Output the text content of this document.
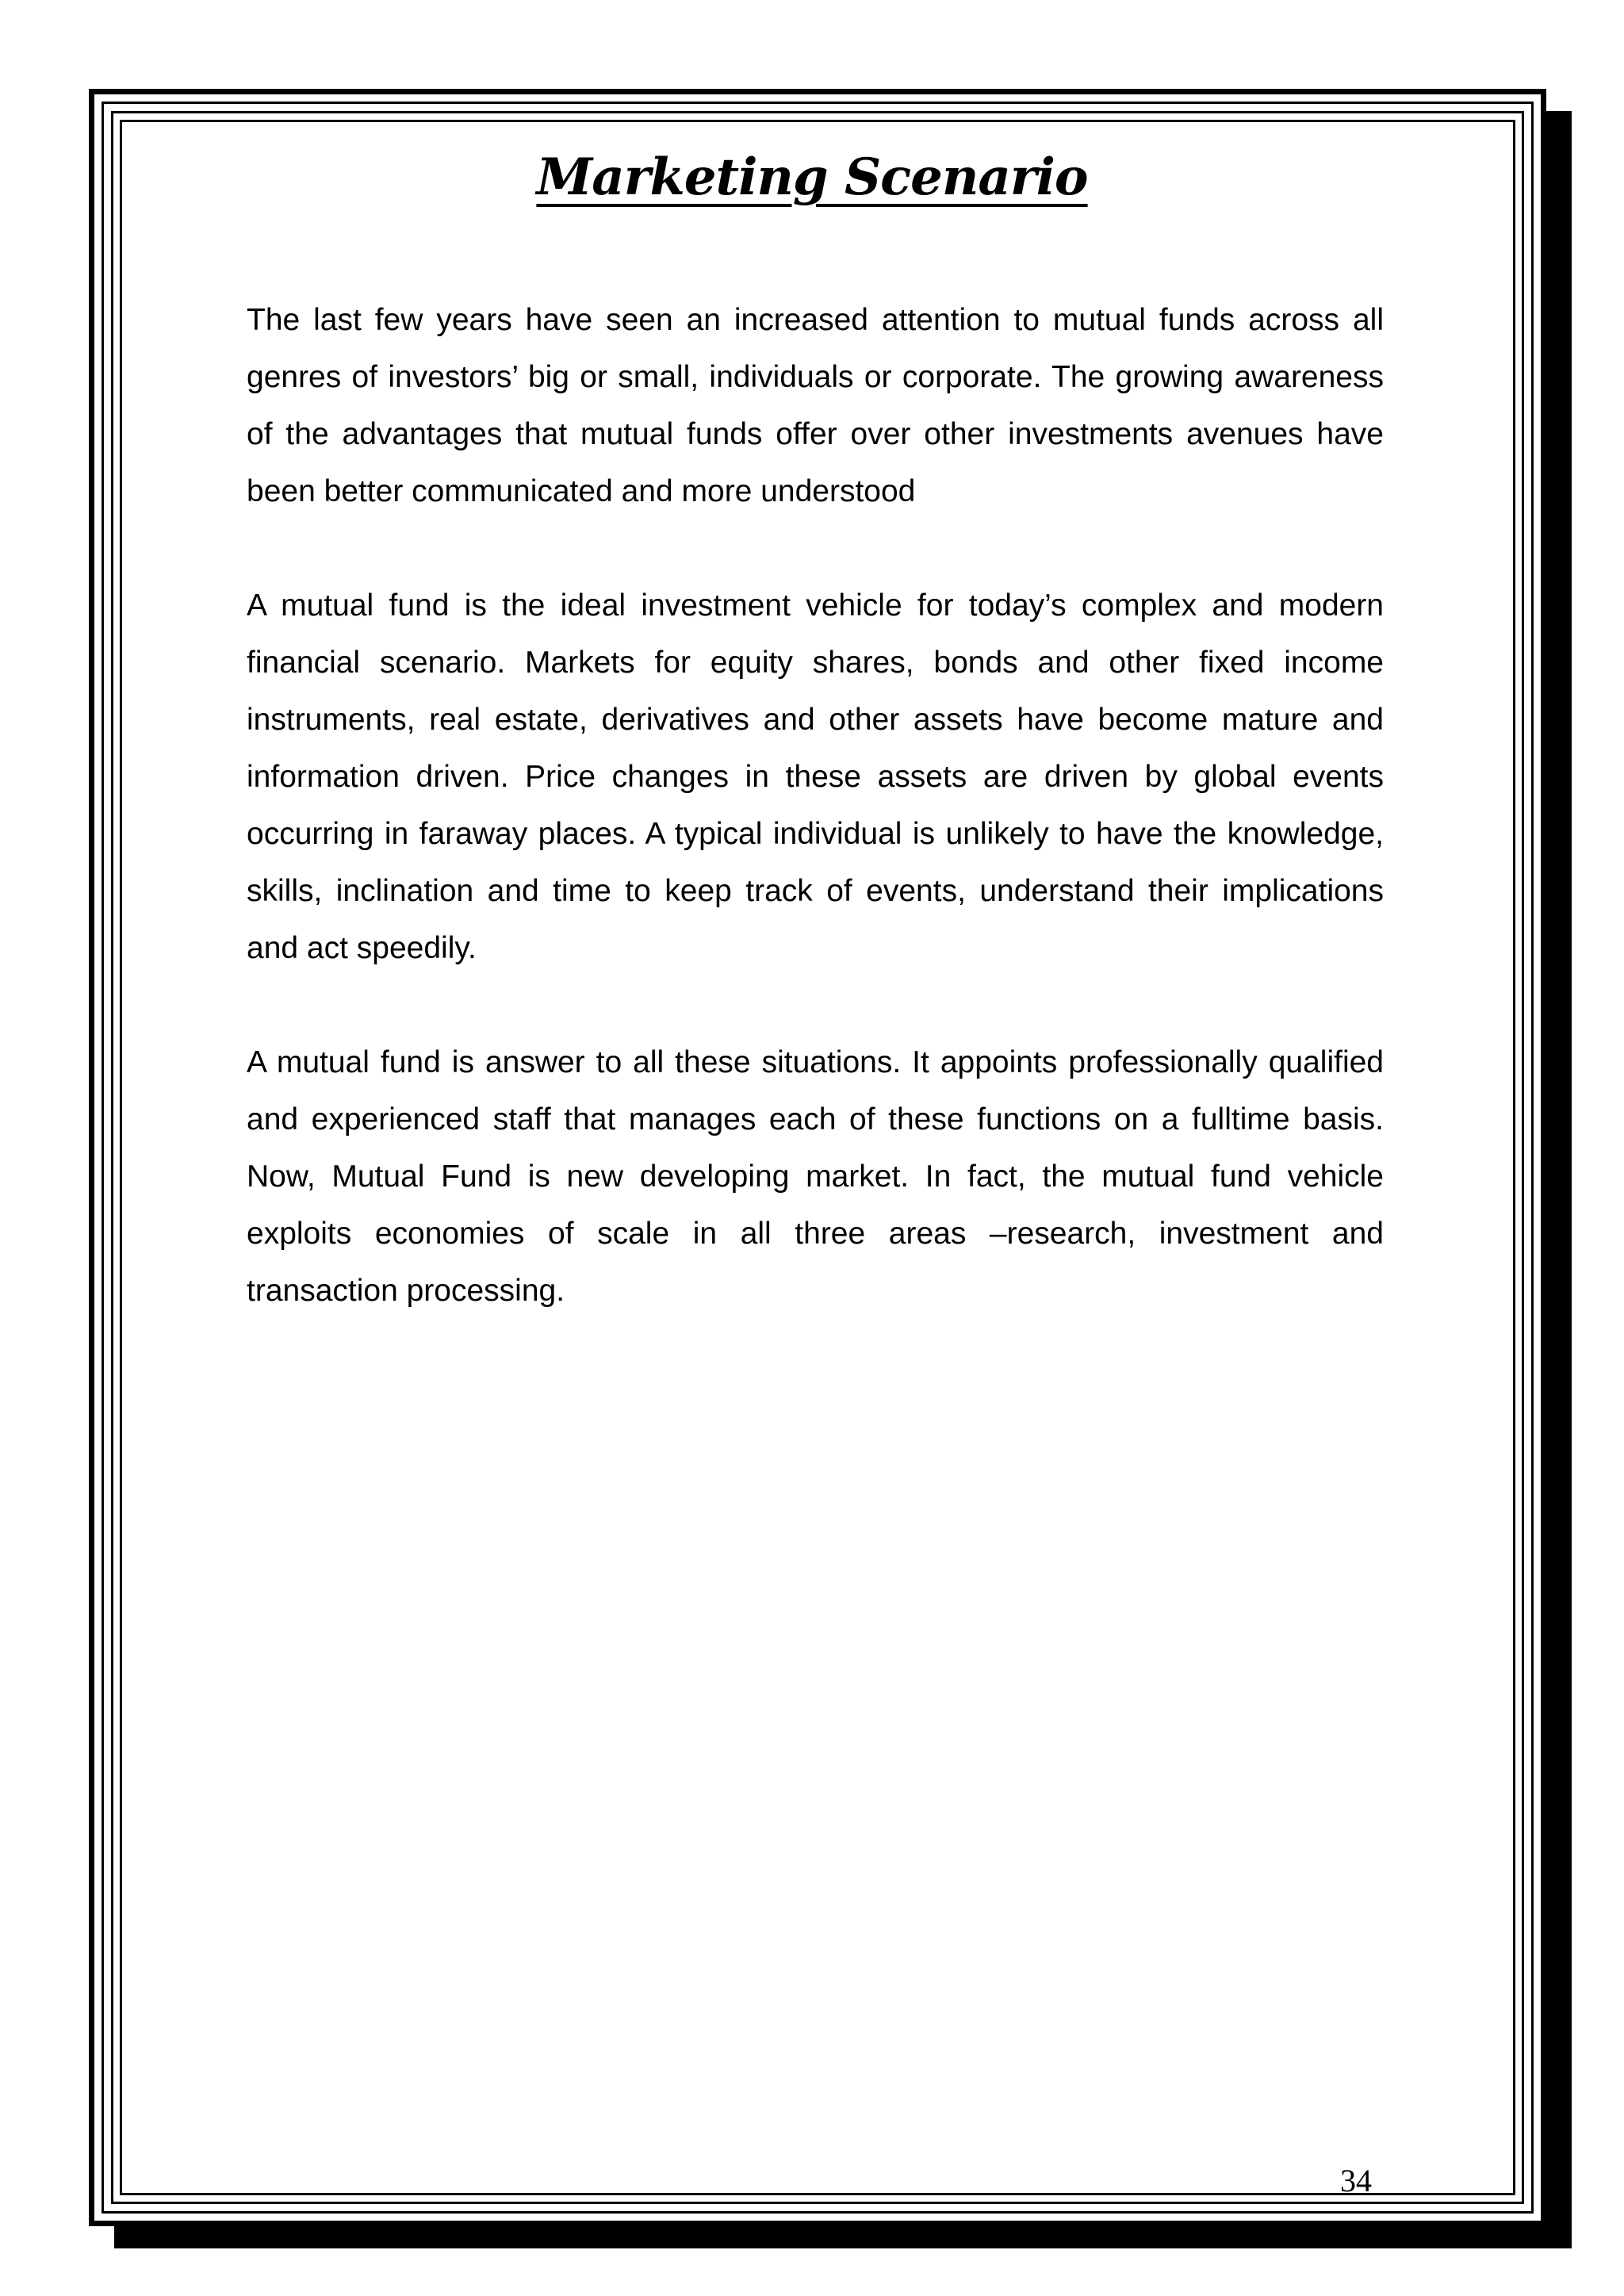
Marketing Scenario

The last few years have seen an increased attention to mutual funds across all genres of investors’ big or small, individuals or corporate. The growing awareness of the advantages that mutual funds offer over other investments avenues have been better communicated and more understood

A mutual fund is the ideal investment vehicle for today’s complex and modern financial scenario. Markets for equity shares, bonds and other fixed income instruments, real estate, derivatives and other assets have become mature and information driven. Price changes in these assets are driven by global events occurring in faraway places. A typical individual is unlikely to have the knowledge, skills, inclination and time to keep track of events, understand their implications and act speedily.

A mutual fund is answer to all these situations. It appoints professionally qualified and experienced staff that manages each of these functions on a fulltime basis. Now, Mutual Fund is new developing market. In fact, the mutual fund vehicle exploits economies of scale in all three areas –research, investment and transaction processing.

34
